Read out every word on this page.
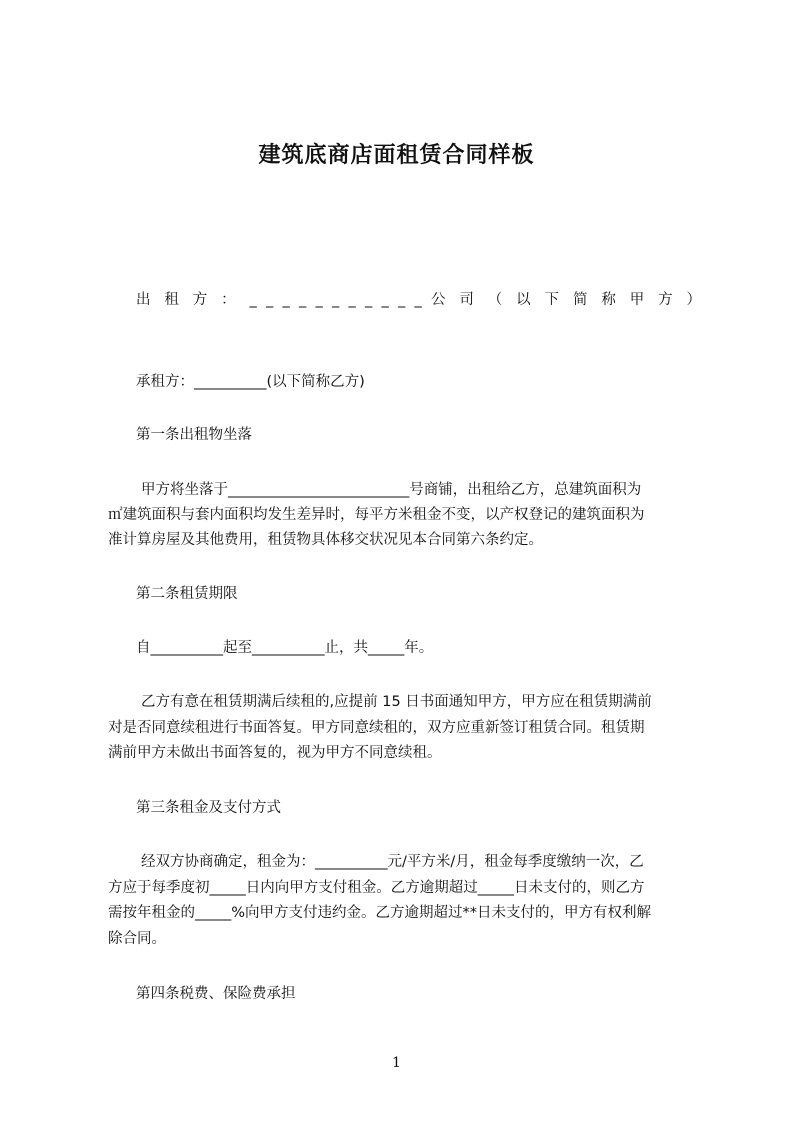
建筑底商店面租赁合同样板
出 租 方 ： _ _ _ _ _ _ _ _ _ _ _ 公 司 （ 以 下 简 称 甲 方 ）
承租方：__________(以下简称乙方)
第一条出租物坐落
甲方将坐落于_________________________号商铺，出租给乙方，总建筑面积为
㎡建筑面积与套内面积均发生差异时，每平方米租金不变，以产权登记的建筑面积为
准计算房屋及其他费用，租赁物具体移交状况见本合同第六条约定。
第二条租赁期限
自__________起至__________止，共_____年。
乙方有意在租赁期满后续租的,应提前 15 日书面通知甲方，甲方应在租赁期满前
对是否同意续租进行书面答复。甲方同意续租的，双方应重新签订租赁合同。租赁期
满前甲方未做出书面答复的，视为甲方不同意续租。
第三条租金及支付方式
经双方协商确定，租金为：__________元/平方米/月，租金每季度缴纳一次，乙
方应于每季度初_____日内向甲方支付租金。乙方逾期超过_____日未支付的，则乙方
需按年租金的_____%向甲方支付违约金。乙方逾期超过**日未支付的，甲方有权利解
除合同。
第四条税费、保险费承担
1
